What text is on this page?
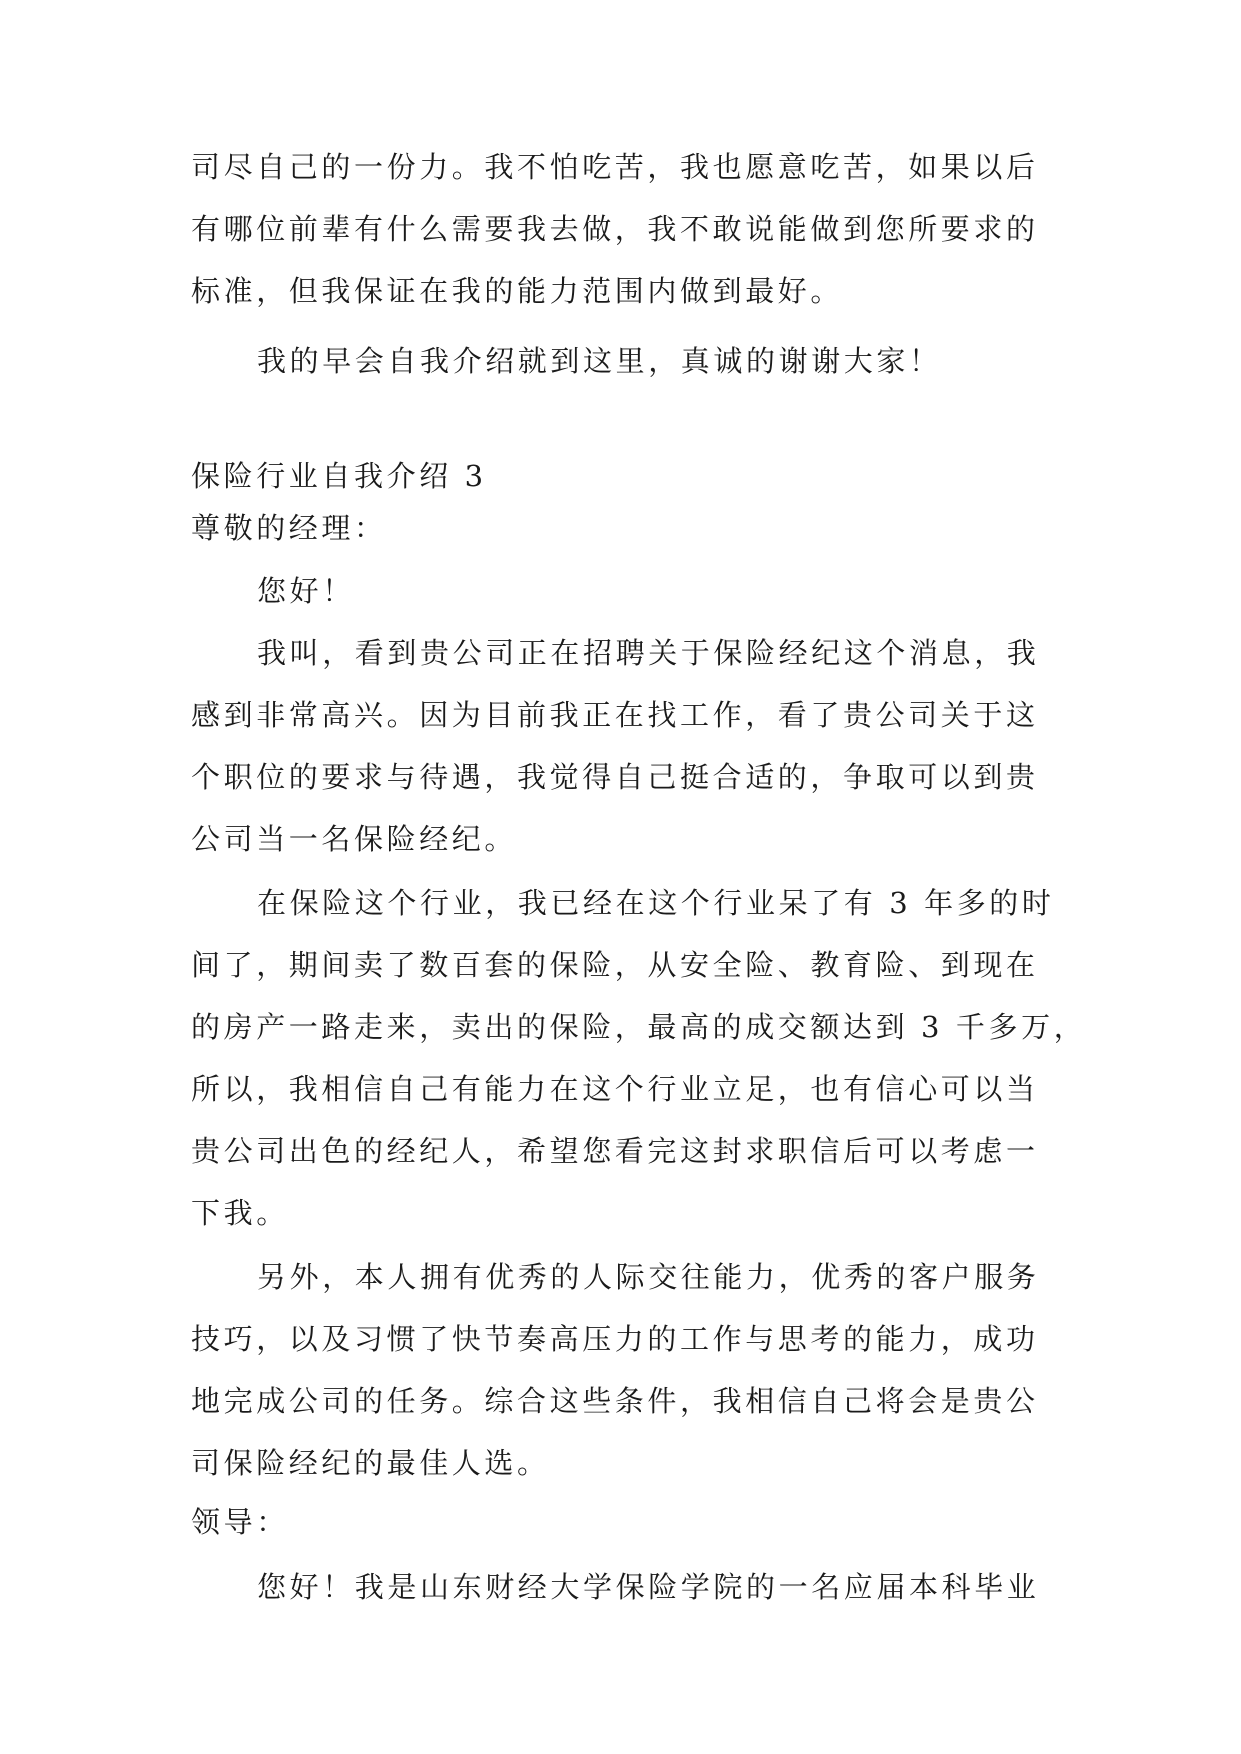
司尽自己的一份力。我不怕吃苦，我也愿意吃苦，如果以后
有哪位前辈有什么需要我去做，我不敢说能做到您所要求的
标准，但我保证在我的能力范围内做到最好。
我的早会自我介绍就到这里，真诚的谢谢大家！
保险行业自我介绍 3
尊敬的经理：
您好！
我叫，看到贵公司正在招聘关于保险经纪这个消息，我
感到非常高兴。因为目前我正在找工作，看了贵公司关于这
个职位的要求与待遇，我觉得自己挺合适的，争取可以到贵
公司当一名保险经纪。
在保险这个行业，我已经在这个行业呆了有 3 年多的时
间了，期间卖了数百套的保险，从安全险、教育险、到现在
的房产一路走来，卖出的保险，最高的成交额达到 3 千多万，
所以，我相信自己有能力在这个行业立足，也有信心可以当
贵公司出色的经纪人，希望您看完这封求职信后可以考虑一
下我。
另外，本人拥有优秀的人际交往能力，优秀的客户服务
技巧，以及习惯了快节奏高压力的工作与思考的能力，成功
地完成公司的任务。综合这些条件，我相信自己将会是贵公
司保险经纪的最佳人选。
领导：
您好！我是山东财经大学保险学院的一名应届本科毕业
